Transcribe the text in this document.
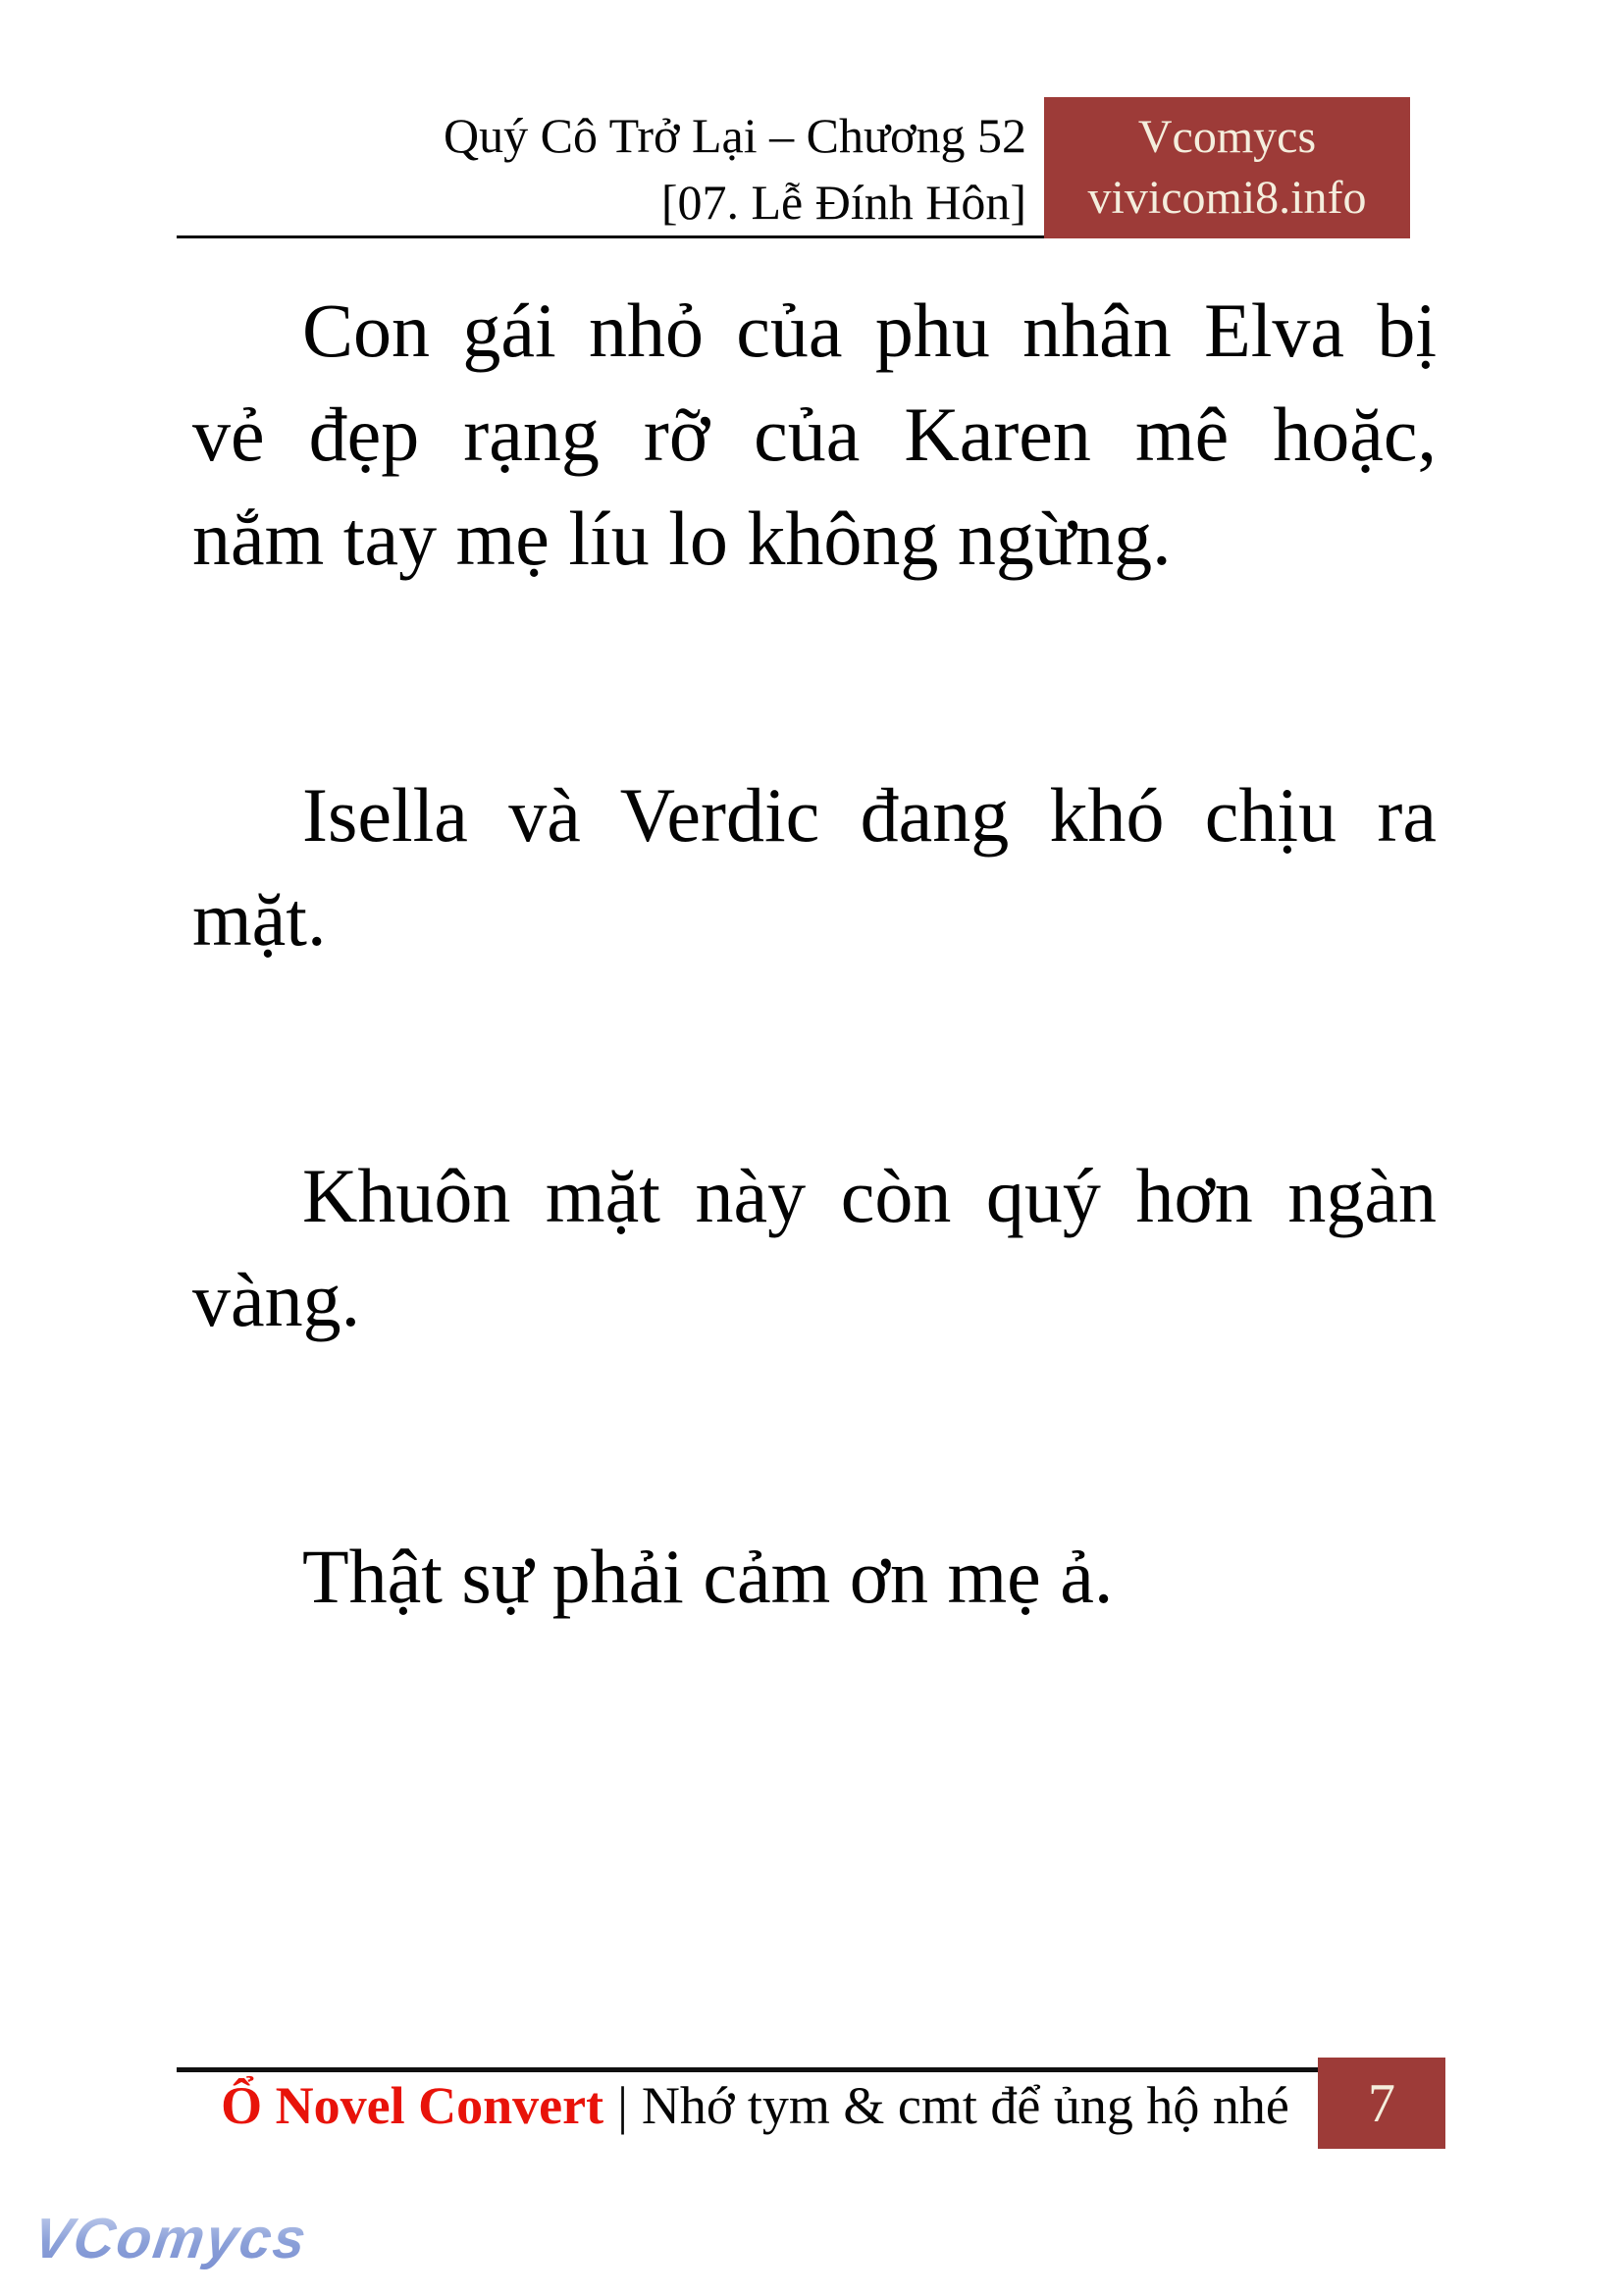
Quý Cô Trở Lại – Chương 52
[07. Lễ Đính Hôn]
Vcomycs
vivicomi8.info
Con gái nhỏ của phu nhân Elva bị
vẻ đẹp rạng rỡ của Karen mê hoặc,
nắm tay mẹ líu lo không ngừng.
Isella và Verdic đang khó chịu ra
mặt.
Khuôn mặt này còn quý hơn ngàn
vàng.
Thật sự phải cảm ơn mẹ ả.
Ổ Novel Convert | Nhớ tym & cmt để ủng hộ nhé	7
VComycs
